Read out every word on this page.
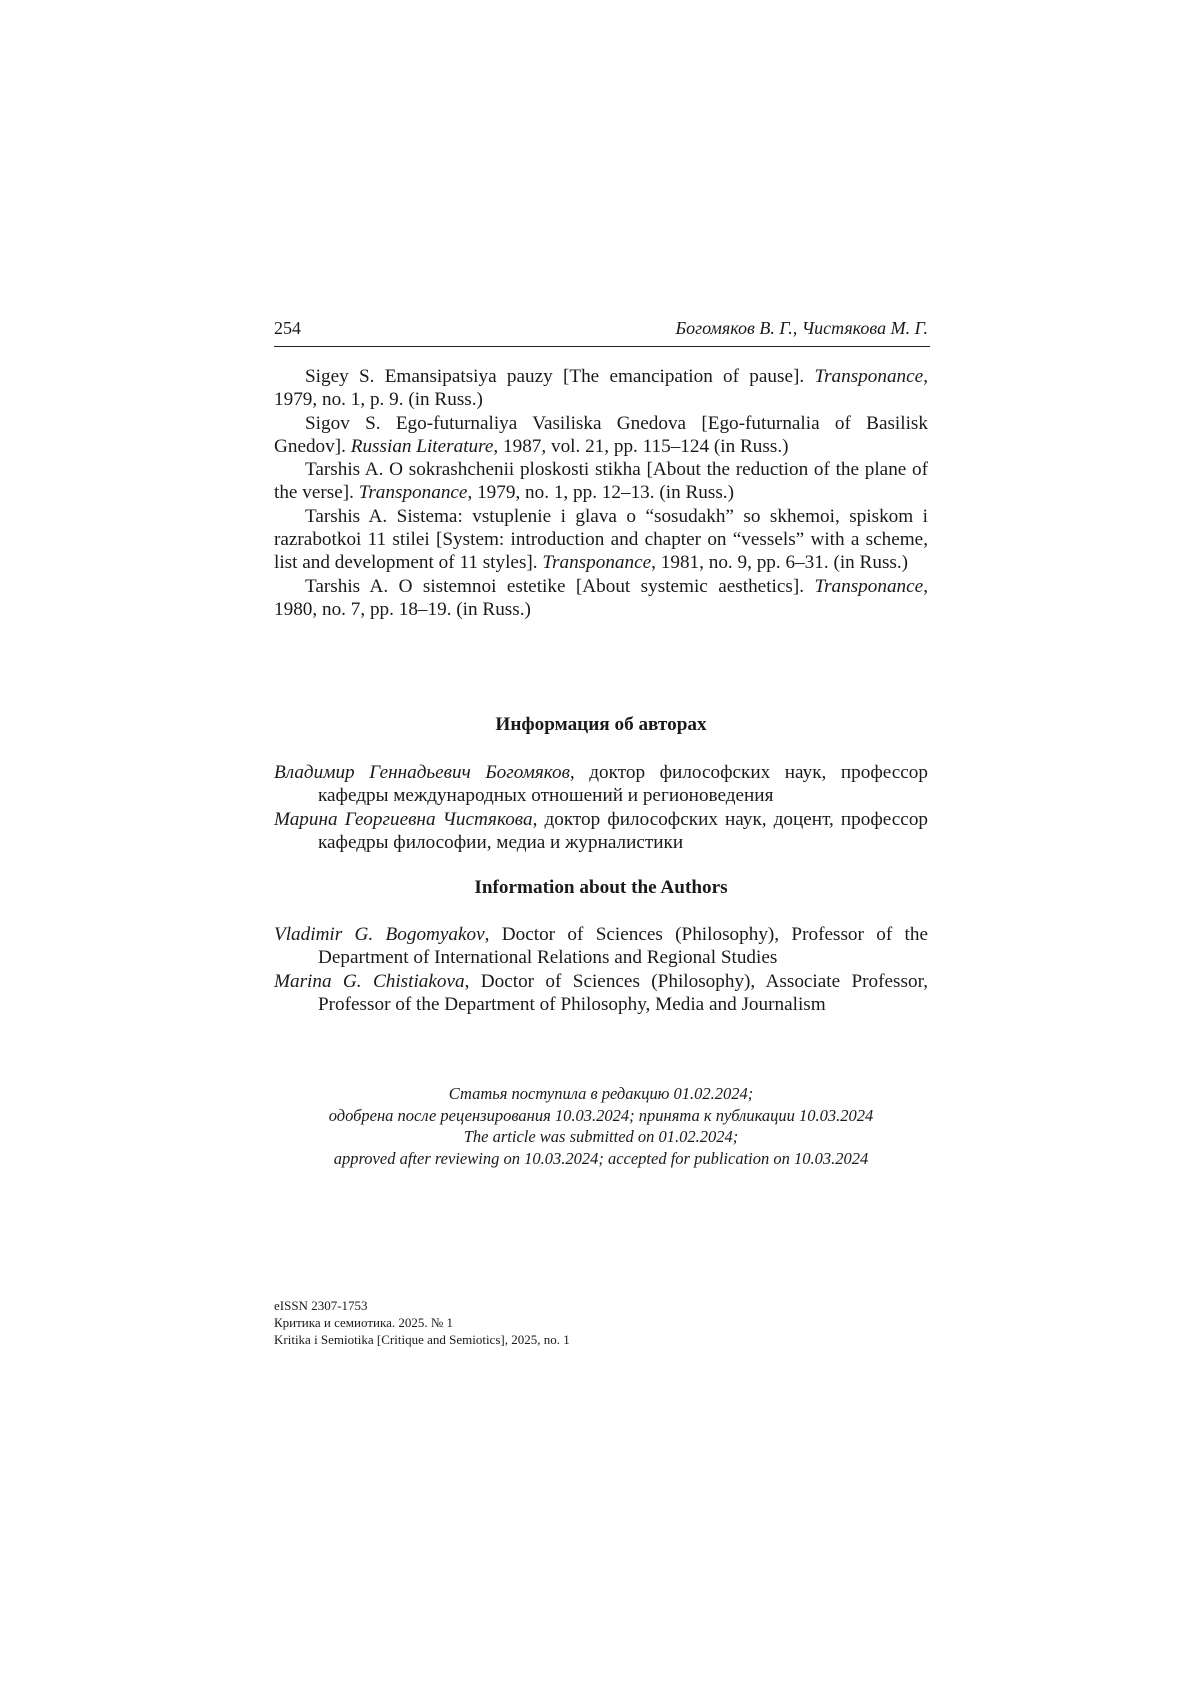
254	Богомяков В. Г., Чистякова М. Г.

Sigey S. Emansipatsiya pauzy [The emancipation of pause]. Transponance, 1979, no. 1, p. 9. (in Russ.)

Sigov S. Ego-futurnaliya Vasiliska Gnedova [Ego-futurnalia of Basilisk Gnedov]. Russian Literature, 1987, vol. 21, pp. 115–124 (in Russ.)

Tarshis A. O sokrashchenii ploskosti stikha [About the reduction of the plane of the verse]. Transponance, 1979, no. 1, pp. 12–13. (in Russ.)

Tarshis A. Sistema: vstuplenie i glava o “sosudakh” so skhemoi, spiskom i razrabotkoi 11 stilei [System: introduction and chapter on “vessels” with a scheme, list and development of 11 styles]. Transponance, 1981, no. 9, pp. 6–31. (in Russ.)

Tarshis A. O sistemnoi estetike [About systemic aesthetics]. Transponance, 1980, no. 7, pp. 18–19. (in Russ.)

Информация об авторах

Владимир Геннадьевич Богомяков, доктор философских наук, профессор кафедры международных отношений и регионоведения

Марина Георгиевна Чистякова, доктор философских наук, доцент, про­фессор кафедры философии, медиа и журналистики

Information about the Authors

Vladimir G. Bogomyakov, Doctor of Sciences (Philosophy), Professor of the Department of International Relations and Regional Studies

Marina G. Chistiakova, Doctor of Sciences (Philosophy), Associate Professor, Professor of the Department of Philosophy, Media and Journalism

Статья поступила в редакцию 01.02.2024;

одобрена после рецензирования 10.03.2024; принята к публикации 10.03.2024

The article was submitted on 01.02.2024;

approved after reviewing on 10.03.2024; accepted for publication on 10.03.2024

eISSN 2307-1753

Критика и семиотика. 2025. № 1

Kritika i Semiotika [Critique and Semiotics], 2025, no. 1
